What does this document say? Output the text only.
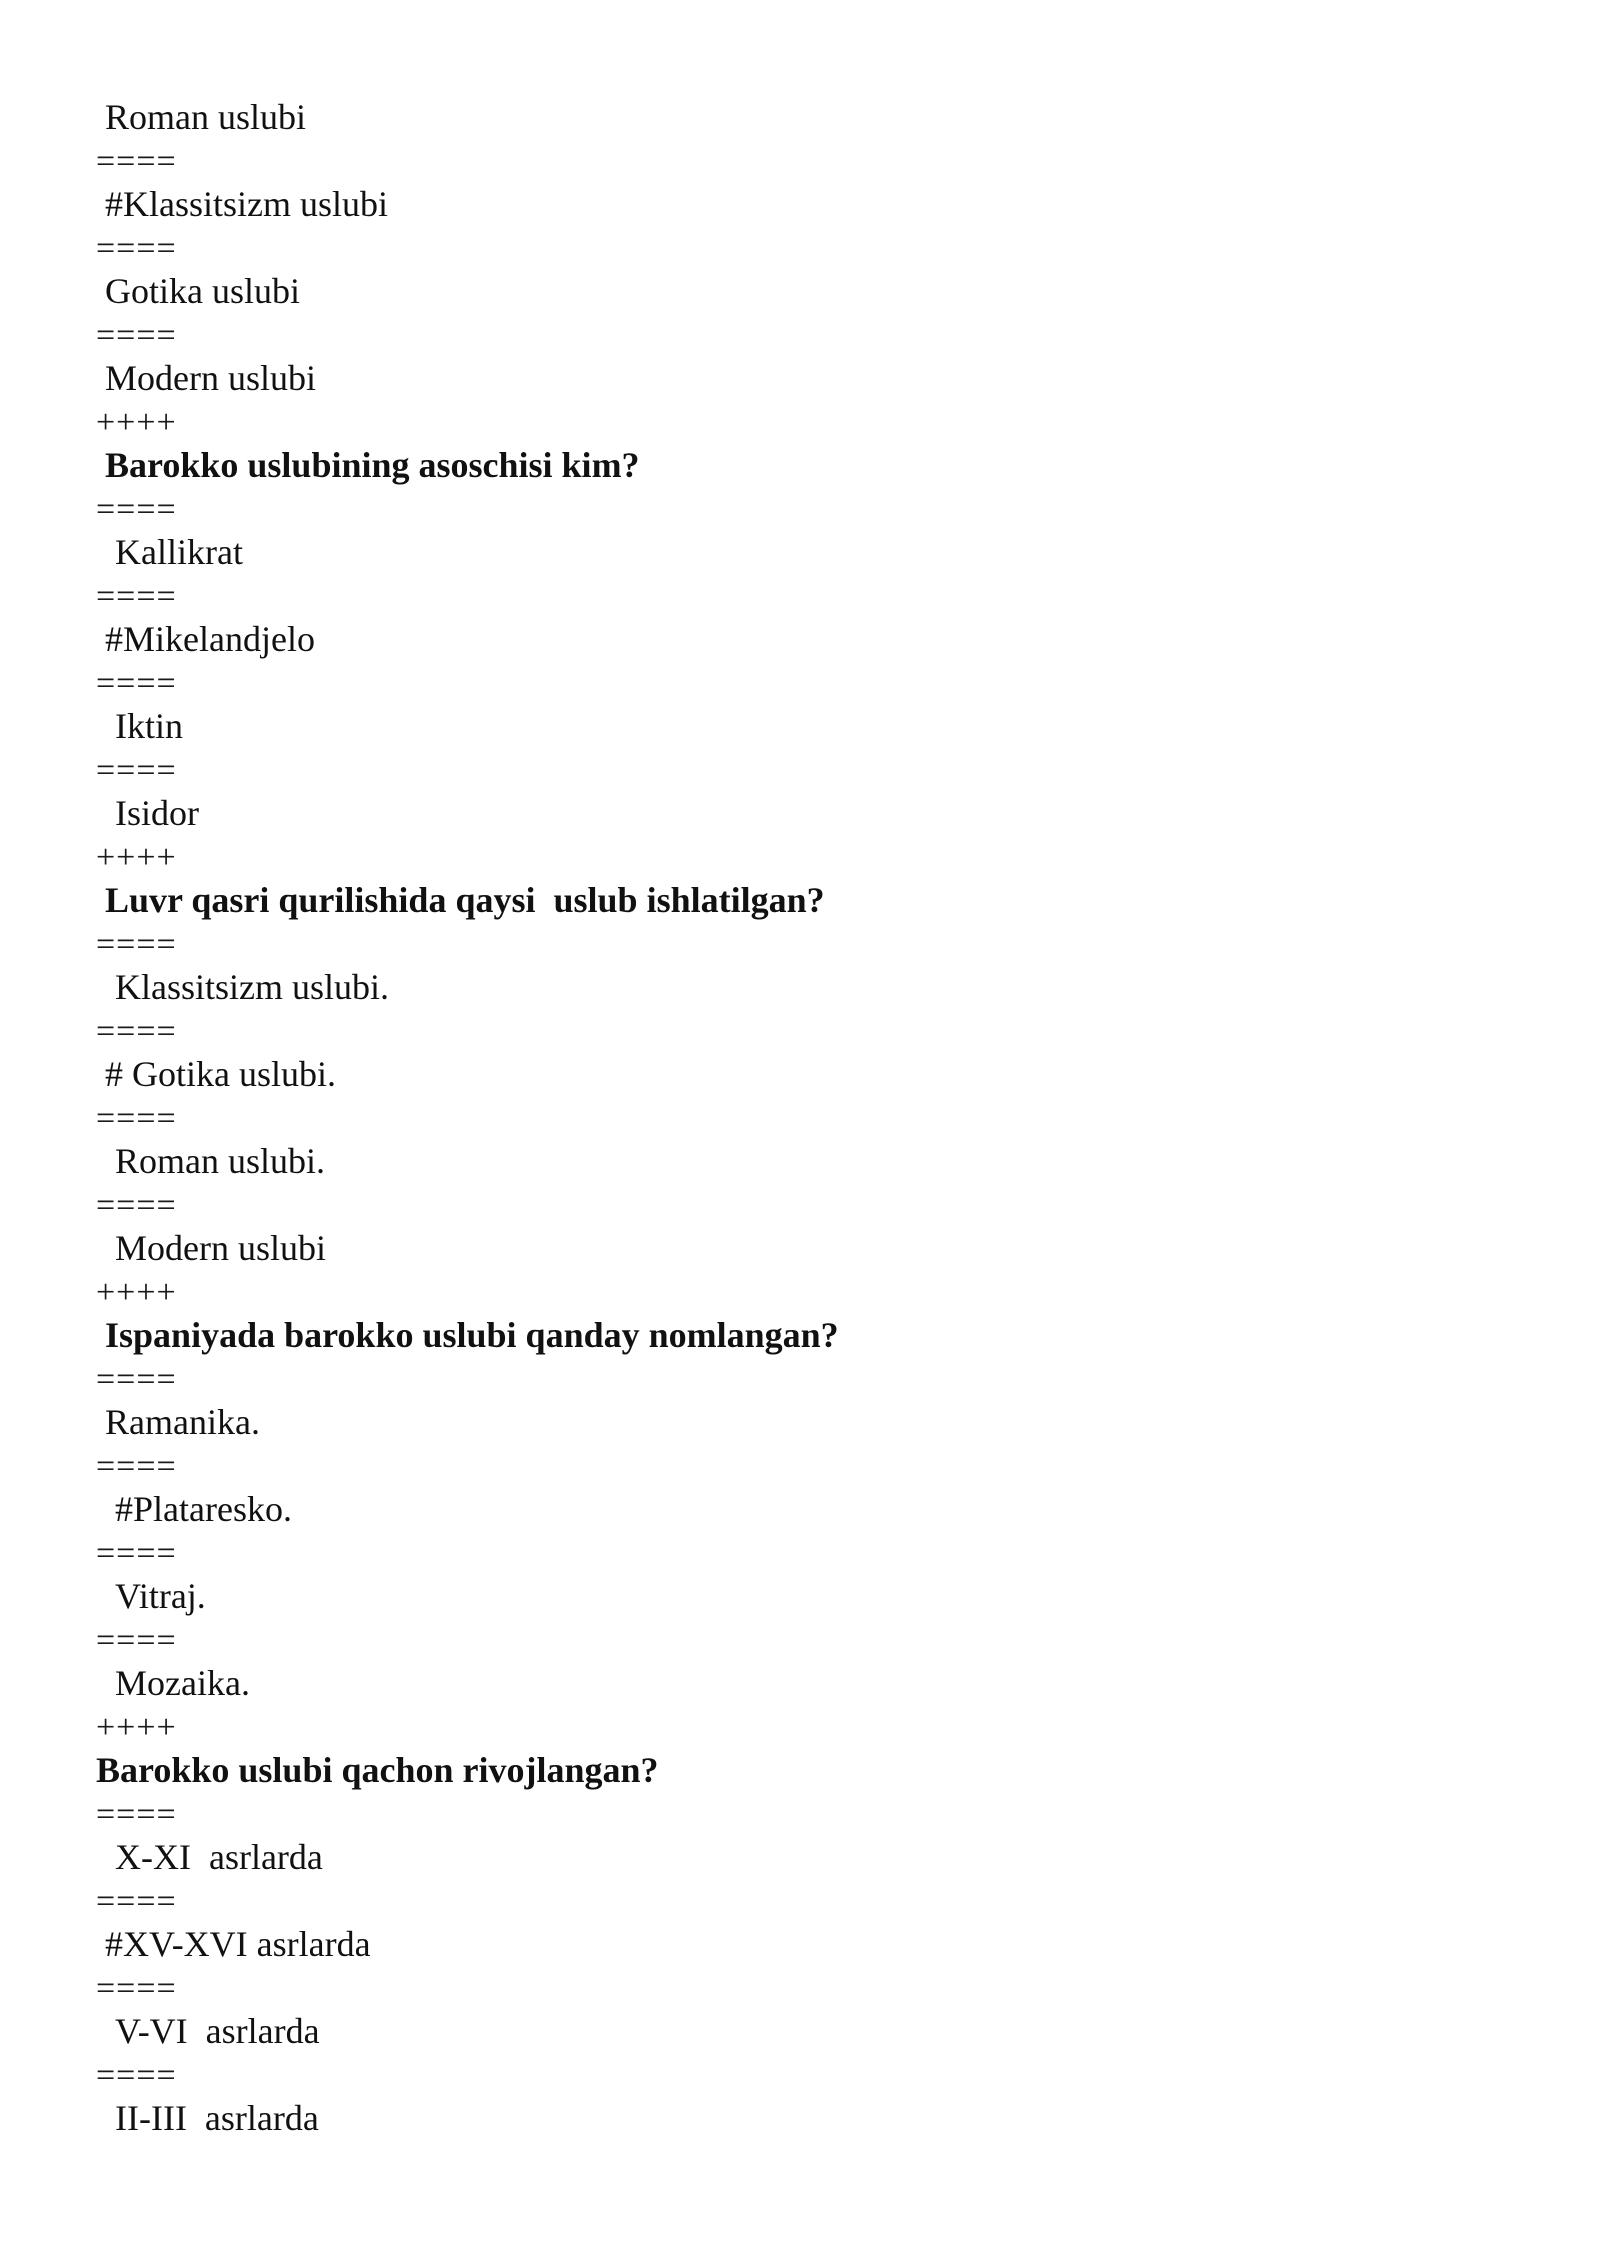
Roman uslubi
====
#Klassitsizm uslubi
====
Gotika uslubi
====
Modern uslubi
++++
Barokko uslubining asoschisi kim?
====
Kallikrat
====
#Mikelandjelo
====
Iktin
====
Isidor
++++
Luvr qasri qurilishida qaysi  uslub ishlatilgan?
====
Klassitsizm uslubi.
====
# Gotika uslubi.
====
Roman uslubi.
====
Modern uslubi
++++
Ispaniyada barokko uslubi qanday nomlangan?
====
Ramanika.
====
#Plataresko.
====
Vitraj.
====
Mozaika.
++++
Barokko uslubi qachon rivojlangan?
====
X-XI  asrlarda
====
#XV-XVI asrlarda
====
V-VI  asrlarda
====
II-III  asrlarda
